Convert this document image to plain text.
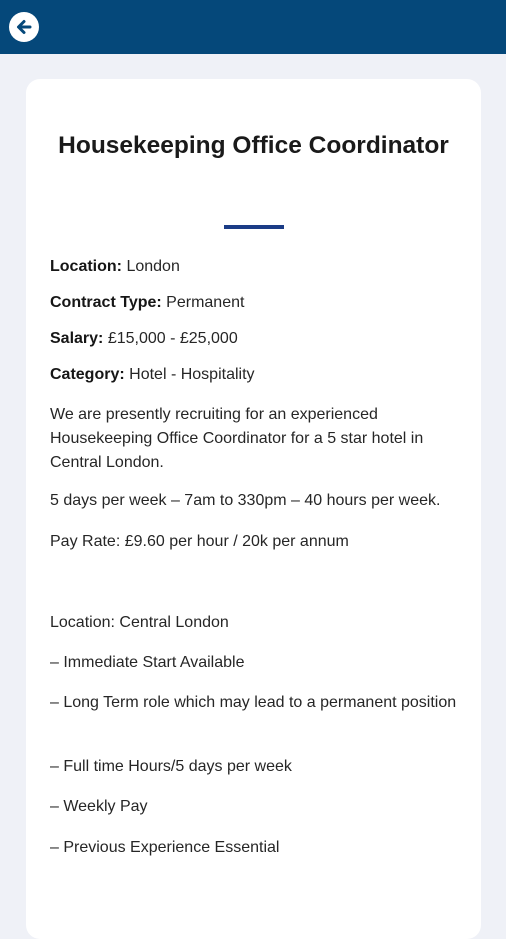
Housekeeping Office Coordinator
Location: London
Contract Type: Permanent
Salary: £15,000 - £25,000
Category: Hotel - Hospitality
We are presently recruiting for an experienced Housekeeping Office Coordinator for a 5 star hotel in Central London.
5 days per week – 7am to 330pm – 40 hours per week.
Pay Rate: £9.60 per hour / 20k per annum
Location: Central London
– Immediate Start Available
– Long Term role which may lead to a permanent position
– Full time Hours/5 days per week
– Weekly Pay
– Previous Experience Essential
